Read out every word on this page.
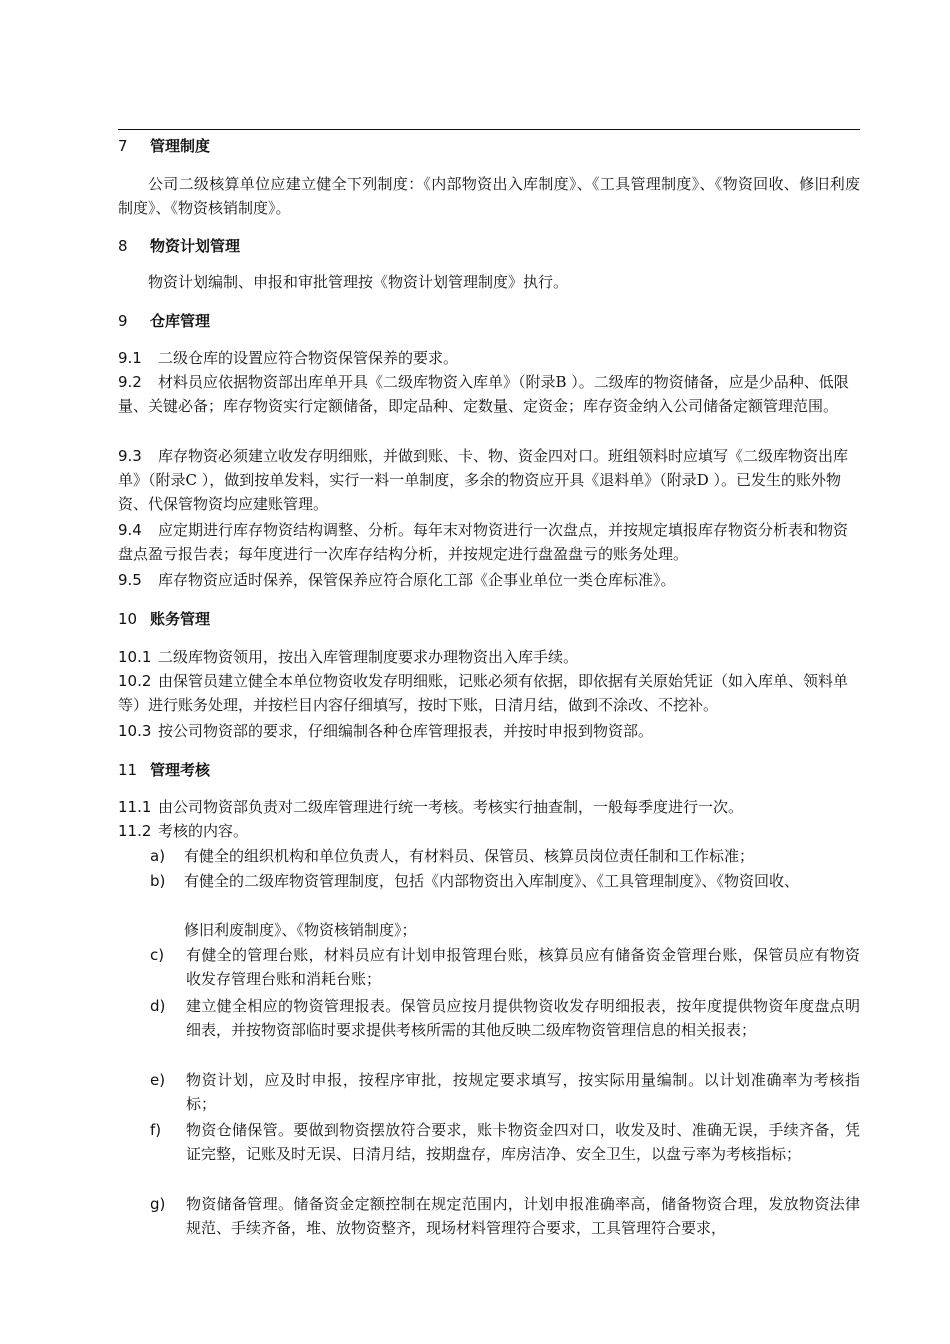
7 管理制度

公司二级核算单位应建立健全下列制度：《内部物资出入库制度》、《工具管理制度》、《物资回收、修旧利废制度》、《物资核销制度》。

8 物资计划管理

物资计划编制、申报和审批管理按《物资计划管理制度》执行。

9 仓库管理
9.1 二级仓库的设置应符合物资保管保养的要求。
9.2 材料员应依据物资部出库单开具《二级库物资入库单》（附录B ）。二级库的物资储备，应是少品种、低限量、关键必备；库存物资实行定额储备，即定品种、定数量、定资金；库存资金纳入公司储备定额管理范围。
9.3 库存物资必须建立收发存明细账，并做到账、卡、物、资金四对口。班组领料时应填写《二级库物资出库单》（附录C ），做到按单发料，实行一料一单制度，多余的物资应开具《退料单》（附录D ）。已发生的账外物资、代保管物资均应建账管理。
9.4 应定期进行库存物资结构调整、分析。每年末对物资进行一次盘点，并按规定填报库存物资分析表和物资盘点盈亏报告表；每年度进行一次库存结构分析，并按规定进行盘盈盘亏的账务处理。
9.5 库存物资应适时保养，保管保养应符合原化工部《企事业单位一类仓库标准》。
10 账务管理
10.1 二级库物资领用，按出入库管理制度要求办理物资出入库手续。
10.2 由保管员建立健全本单位物资收发存明细账，记账必须有依据，即依据有关原始凭证（如入库单、领料单等）进行账务处理，并按栏目内容仔细填写，按时下账，日清月结，做到不涂改、不挖补。
10.3 按公司物资部的要求，仔细编制各种仓库管理报表，并按时申报到物资部。
11 管理考核
11.1 由公司物资部负责对二级库管理进行统一考核。考核实行抽查制，一般每季度进行一次。
11.2 考核的内容。
a) 有健全的组织机构和单位负责人，有材料员、保管员、核算员岗位责任制和工作标准；
b) 有健全的二级库物资管理制度，包括《内部物资出入库制度》、《工具管理制度》、《物资回收、
修旧利废制度》、《物资核销制度》；
c)	有健全的管理台账，材料员应有计划申报管理台账，核算员应有储备资金管理台账，保管员应有物资收发存管理台账和消耗台账；
d)	建立健全相应的物资管理报表。保管员应按月提供物资收发存明细报表，按年度提供物资年度盘点明细表，并按物资部临时要求提供考核所需的其他反映二级库物资管理信息的相关报表；
e)	物资计划，应及时申报，按程序审批，按规定要求填写，按实际用量编制。以计划准确率为考核指标；
f)	物资仓储保管。要做到物资摆放符合要求，账卡物资金四对口，收发及时、准确无误，手续齐备，凭证完整，记账及时无误、日清月结，按期盘存，库房洁净、安全卫生，以盘亏率为考核指标；
g)	物资储备管理。储备资金定额控制在规定范围内，计划申报准确率高，储备物资合理，发放物资法律规范、手续齐备，堆、放物资整齐，现场材料管理符合要求，工具管理符合要求，
